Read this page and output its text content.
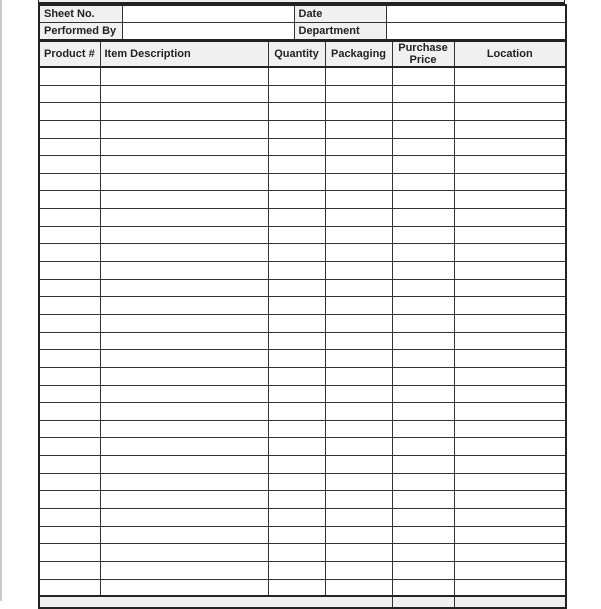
Sheet No.		Date	
Performed By		Department	
Product #	Item Description	Quantity	Packaging	Purchase Price	Location
